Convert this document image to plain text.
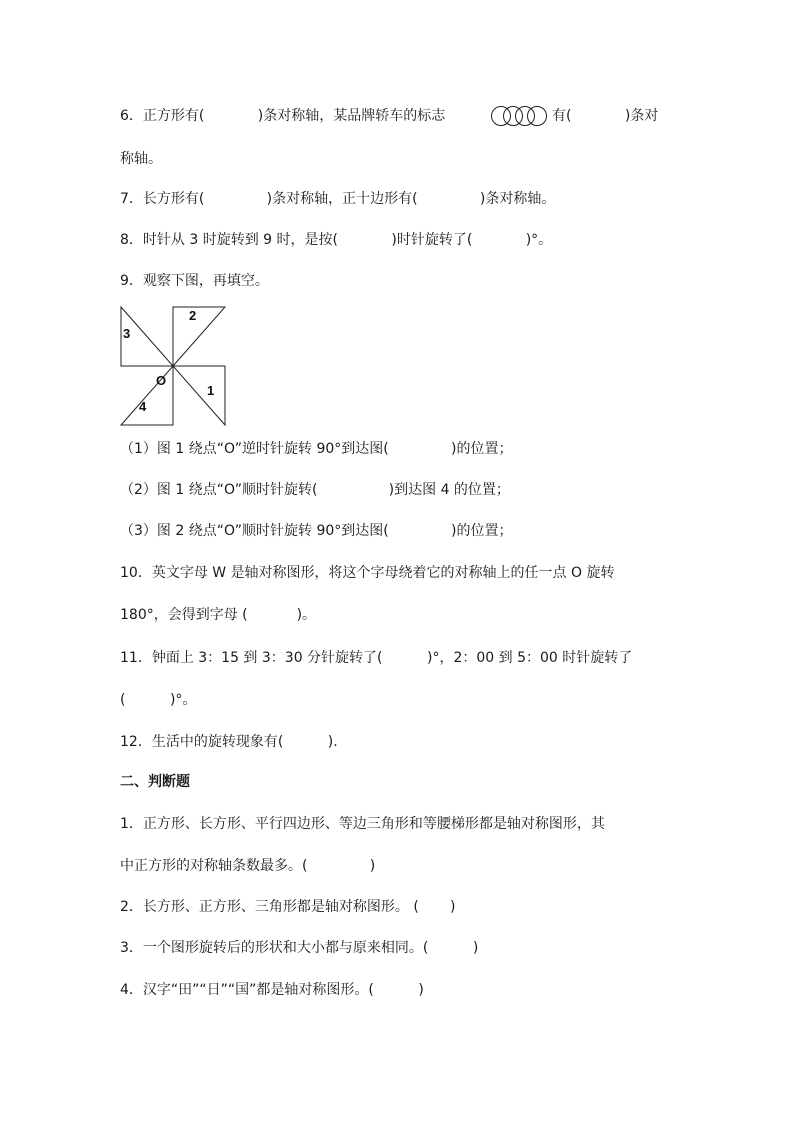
6．正方形有(            )条对称轴，某品牌轿车的标志	有(            )条对
称轴。
7．长方形有(              )条对称轴，正十边形有(              )条对称轴。
8．时针从 3 时旋转到 9 时，是按(            )时针旋转了(            )°。
9．观察下图，再填空。
3
2
1
4
O
（1）图 1 绕点“O”逆时针旋转 90°到达图(              )的位置；
（2）图 1 绕点“O”顺时针旋转(                )到达图 4 的位置；
（3）图 2 绕点“O”顺时针旋转 90°到达图(              )的位置；
10．英文字母 W 是轴对称图形，将这个字母绕着它的对称轴上的任一点 O 旋转
180°，会得到字母 (           )。
11．钟面上 3：15 到 3：30 分针旋转了(          )°，2：00 到 5：00 时针旋转了
(          )°。
12．生活中的旋转现象有(          ).
二、判断题
1．正方形、长方形、平行四边形、等边三角形和等腰梯形都是轴对称图形，其
中正方形的对称轴条数最多。(              )
2．长方形、正方形、三角形都是轴对称图形。 (       )
3．一个图形旋转后的形状和大小都与原来相同。(          )
4．汉字“田”“日”“国”都是轴对称图形。(          )
